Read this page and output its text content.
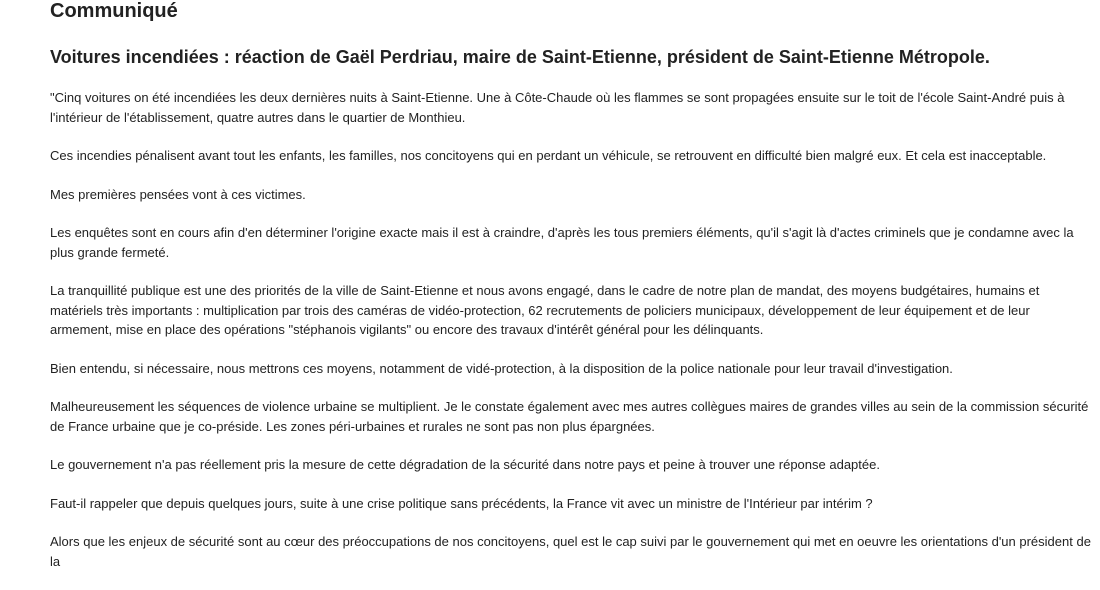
Communiqué
Voitures incendiées : réaction de Gaël Perdriau, maire de Saint-Etienne, président de Saint-Etienne Métropole.

"Cinq voitures on été incendiées les deux dernières nuits à Saint-Etienne. Une à Côte-Chaude où les flammes se sont propagées ensuite sur le toit de l'école Saint-André puis à l'intérieur de l'établissement, quatre autres dans le quartier de Monthieu.

Ces incendies pénalisent avant tout les enfants, les familles, nos concitoyens qui en perdant un véhicule, se retrouvent en difficulté bien malgré eux. Et cela est inacceptable.

Mes premières pensées vont à ces victimes.

Les enquêtes sont en cours afin d'en déterminer l'origine exacte mais il est à craindre, d'après les tous premiers éléments, qu'il s'agit là d'actes criminels que je condamne avec la plus grande fermeté.

La tranquillité publique est une des priorités de la ville de Saint-Etienne et nous avons engagé, dans le cadre de notre plan de mandat, des moyens budgétaires, humains et matériels très importants : multiplication par trois des caméras de vidéo-protection, 62 recrutements de policiers municipaux, développement de leur équipement et de leur armement, mise en place des opérations "stéphanois vigilants" ou encore des travaux d'intérêt général pour les délinquants.

Bien entendu, si nécessaire, nous mettrons ces moyens, notamment de vidé-protection, à la disposition de la police nationale pour leur travail d'investigation.

Malheureusement les séquences de violence urbaine se multiplient. Je le constate également avec mes autres collègues maires de grandes villes au sein de la commission sécurité de France urbaine que je co-préside. Les zones péri-urbaines et rurales ne sont pas non plus épargnées.

Le gouvernement n'a pas réellement pris la mesure de cette dégradation de la sécurité dans notre pays et peine à trouver une réponse adaptée.

Faut-il rappeler que depuis quelques jours, suite à une crise politique sans précédents, la France vit avec un ministre de l'Intérieur par intérim ?

Alors que les enjeux de sécurité sont au cœur des préoccupations de nos concitoyens, quel est le cap suivi par le gouvernement qui met en oeuvre les orientations d'un président de la
